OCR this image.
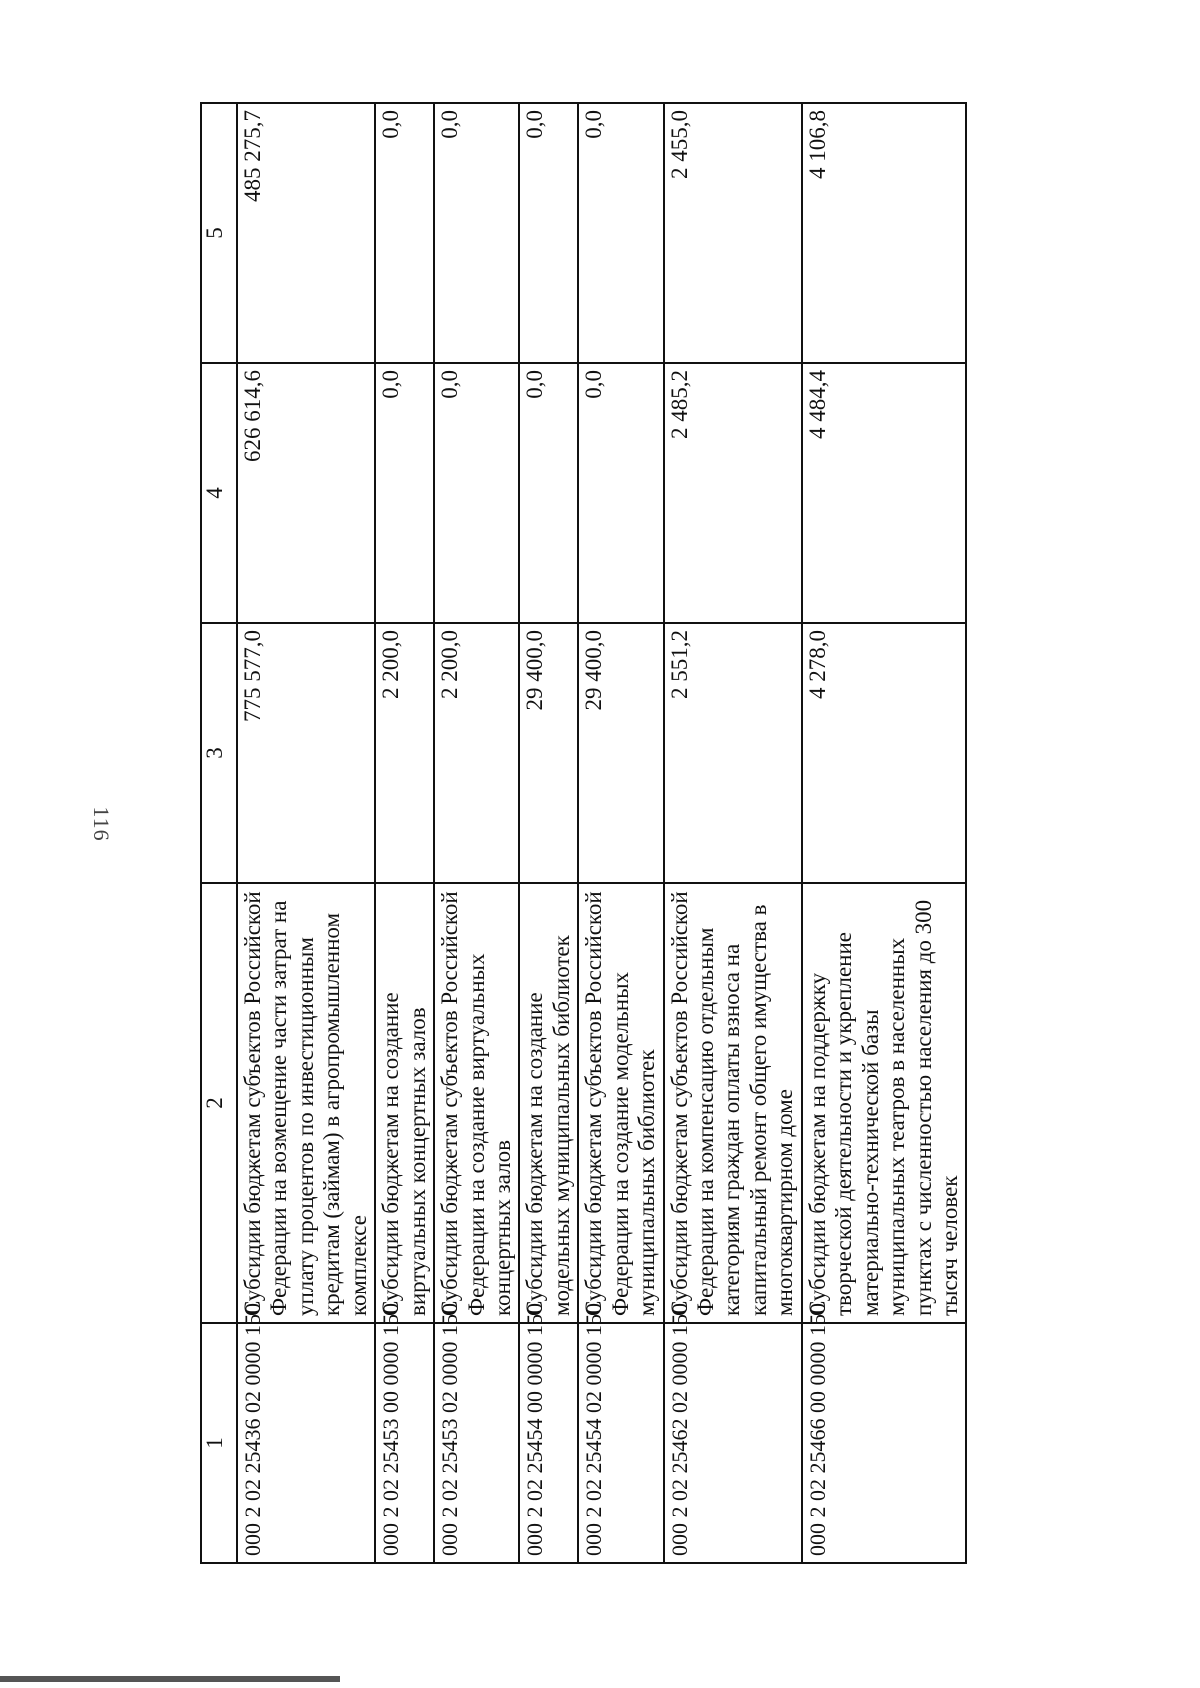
116
1	2	3	4	5
000 2 02 25436 02 0000 150	Субсидии бюджетам субъектов Российской Федерации на возмещение части затрат на уплату процентов по инвестиционным кредитам (займам) в агропромышленном комплексе	775 577,0	626 614,6	485 275,7
000 2 02 25453 00 0000 150	Субсидии бюджетам на создание виртуальных концертных залов	2 200,0	0,0	0,0
000 2 02 25453 02 0000 150	Субсидии бюджетам субъектов Российской Федерации на создание виртуальных концертных залов	2 200,0	0,0	0,0
000 2 02 25454 00 0000 150	Субсидии бюджетам на создание модельных муниципальных библиотек	29 400,0	0,0	0,0
000 2 02 25454 02 0000 150	Субсидии бюджетам субъектов Российской Федерации на создание модельных муниципальных библиотек	29 400,0	0,0	0,0
000 2 02 25462 02 0000 150	Субсидии бюджетам субъектов Российской Федерации на компенсацию отдельным категориям граждан оплаты взноса на капитальный ремонт общего имущества в многоквартирном доме	2 551,2	2 485,2	2 455,0
000 2 02 25466 00 0000 150	Субсидии бюджетам на поддержку творческой деятельности и укрепление материально-технической базы муниципальных театров в населенных пунктах с численностью населения до 300 тысяч человек	4 278,0	4 484,4	4 106,8
